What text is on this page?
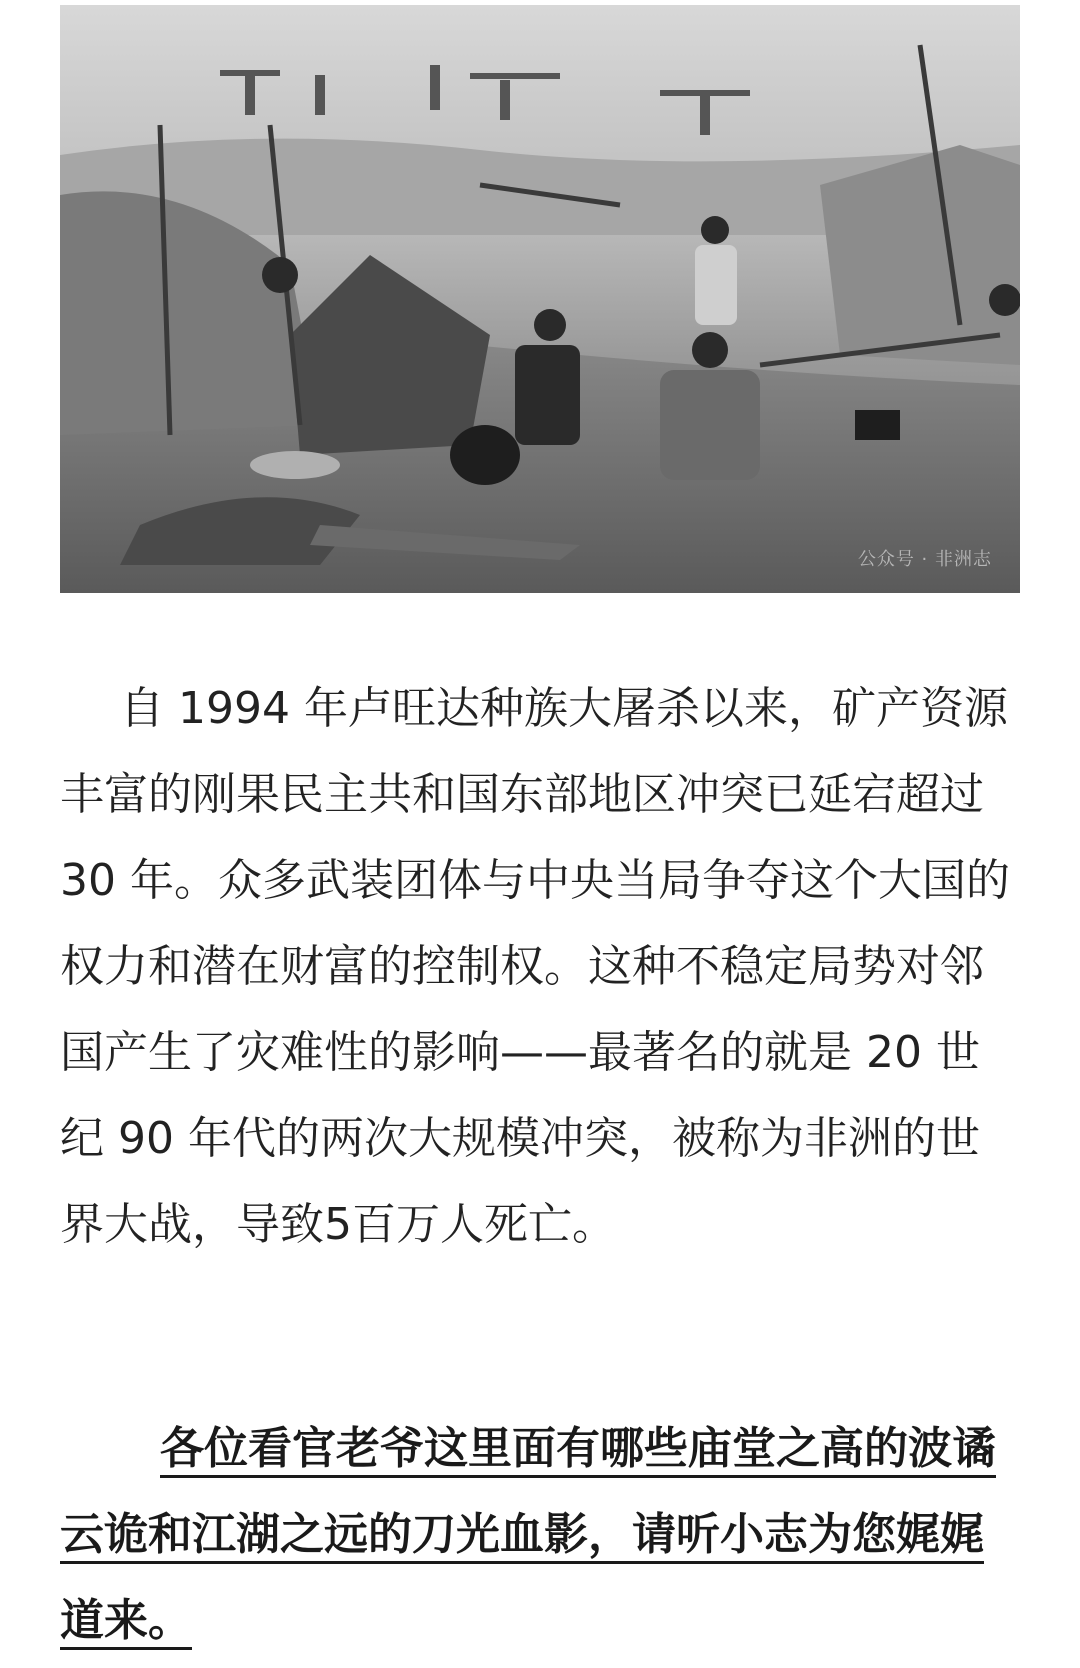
公众号 · 非洲志

自 1994 年卢旺达种族大屠杀以来，矿产资源丰富的刚果民主共和国东部地区冲突已延宕超过 30 年。众多武装团体与中央当局争夺这个大国的权力和潜在财富的控制权。这种不稳定局势对邻国产生了灾难性的影响——最著名的就是 20 世纪 90 年代的两次大规模冲突，被称为非洲的世界大战，导致5百万人死亡。

各位看官老爷这里面有哪些庙堂之高的波谲云诡和江湖之远的刀光血影，请听小志为您娓娓道来。
